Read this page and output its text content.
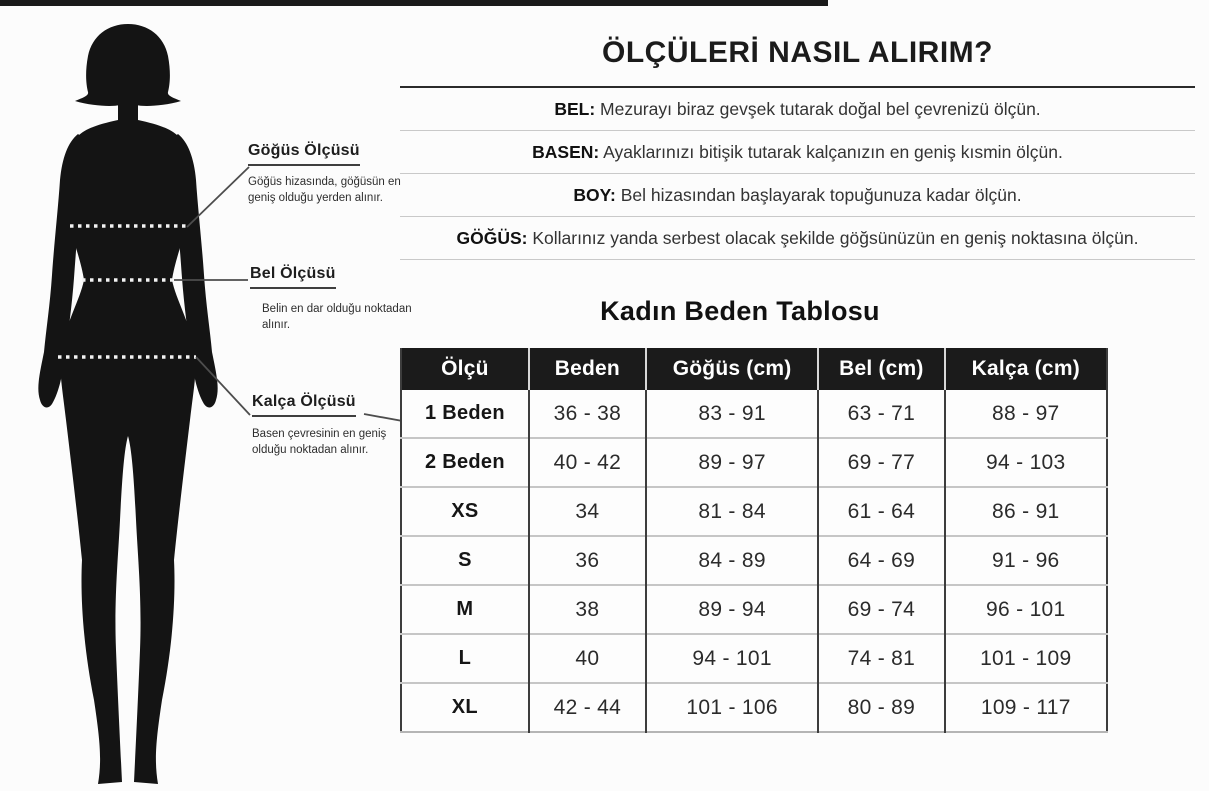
Göğüs Ölçüsü
Göğüs hizasında, göğüsün en geniş olduğu yerden alınır.
Bel Ölçüsü
Belin en dar olduğu noktadan alınır.
Kalça Ölçüsü
Basen çevresinin en geniş olduğu noktadan alınır.
ÖLÇÜLERİ NASIL ALIRIM?
BEL: Mezurayı biraz gevşek tutarak doğal bel çevrenizü ölçün.
BASEN: Ayaklarınızı bitişik tutarak kalçanızın en geniş kısmin ölçün.
BOY: Bel hizasından başlayarak topuğunuza kadar ölçün.
GÖĞÜS: Kollarınız yanda serbest olacak şekilde göğsünüzün en geniş noktasına ölçün.
Kadın Beden Tablosu
Ölçü	Beden	Göğüs (cm)	Bel (cm)	Kalça (cm)
1 Beden	36 - 38	83 - 91	63 - 71	88 - 97
2 Beden	40 - 42	89 - 97	69 - 77	94 - 103
XS	34	81 - 84	61 - 64	86 - 91
S	36	84 - 89	64 - 69	91 - 96
M	38	89 - 94	69 - 74	96 - 101
L	40	94 - 101	74 - 81	101 - 109
XL	42 - 44	101 - 106	80 - 89	109 - 117
